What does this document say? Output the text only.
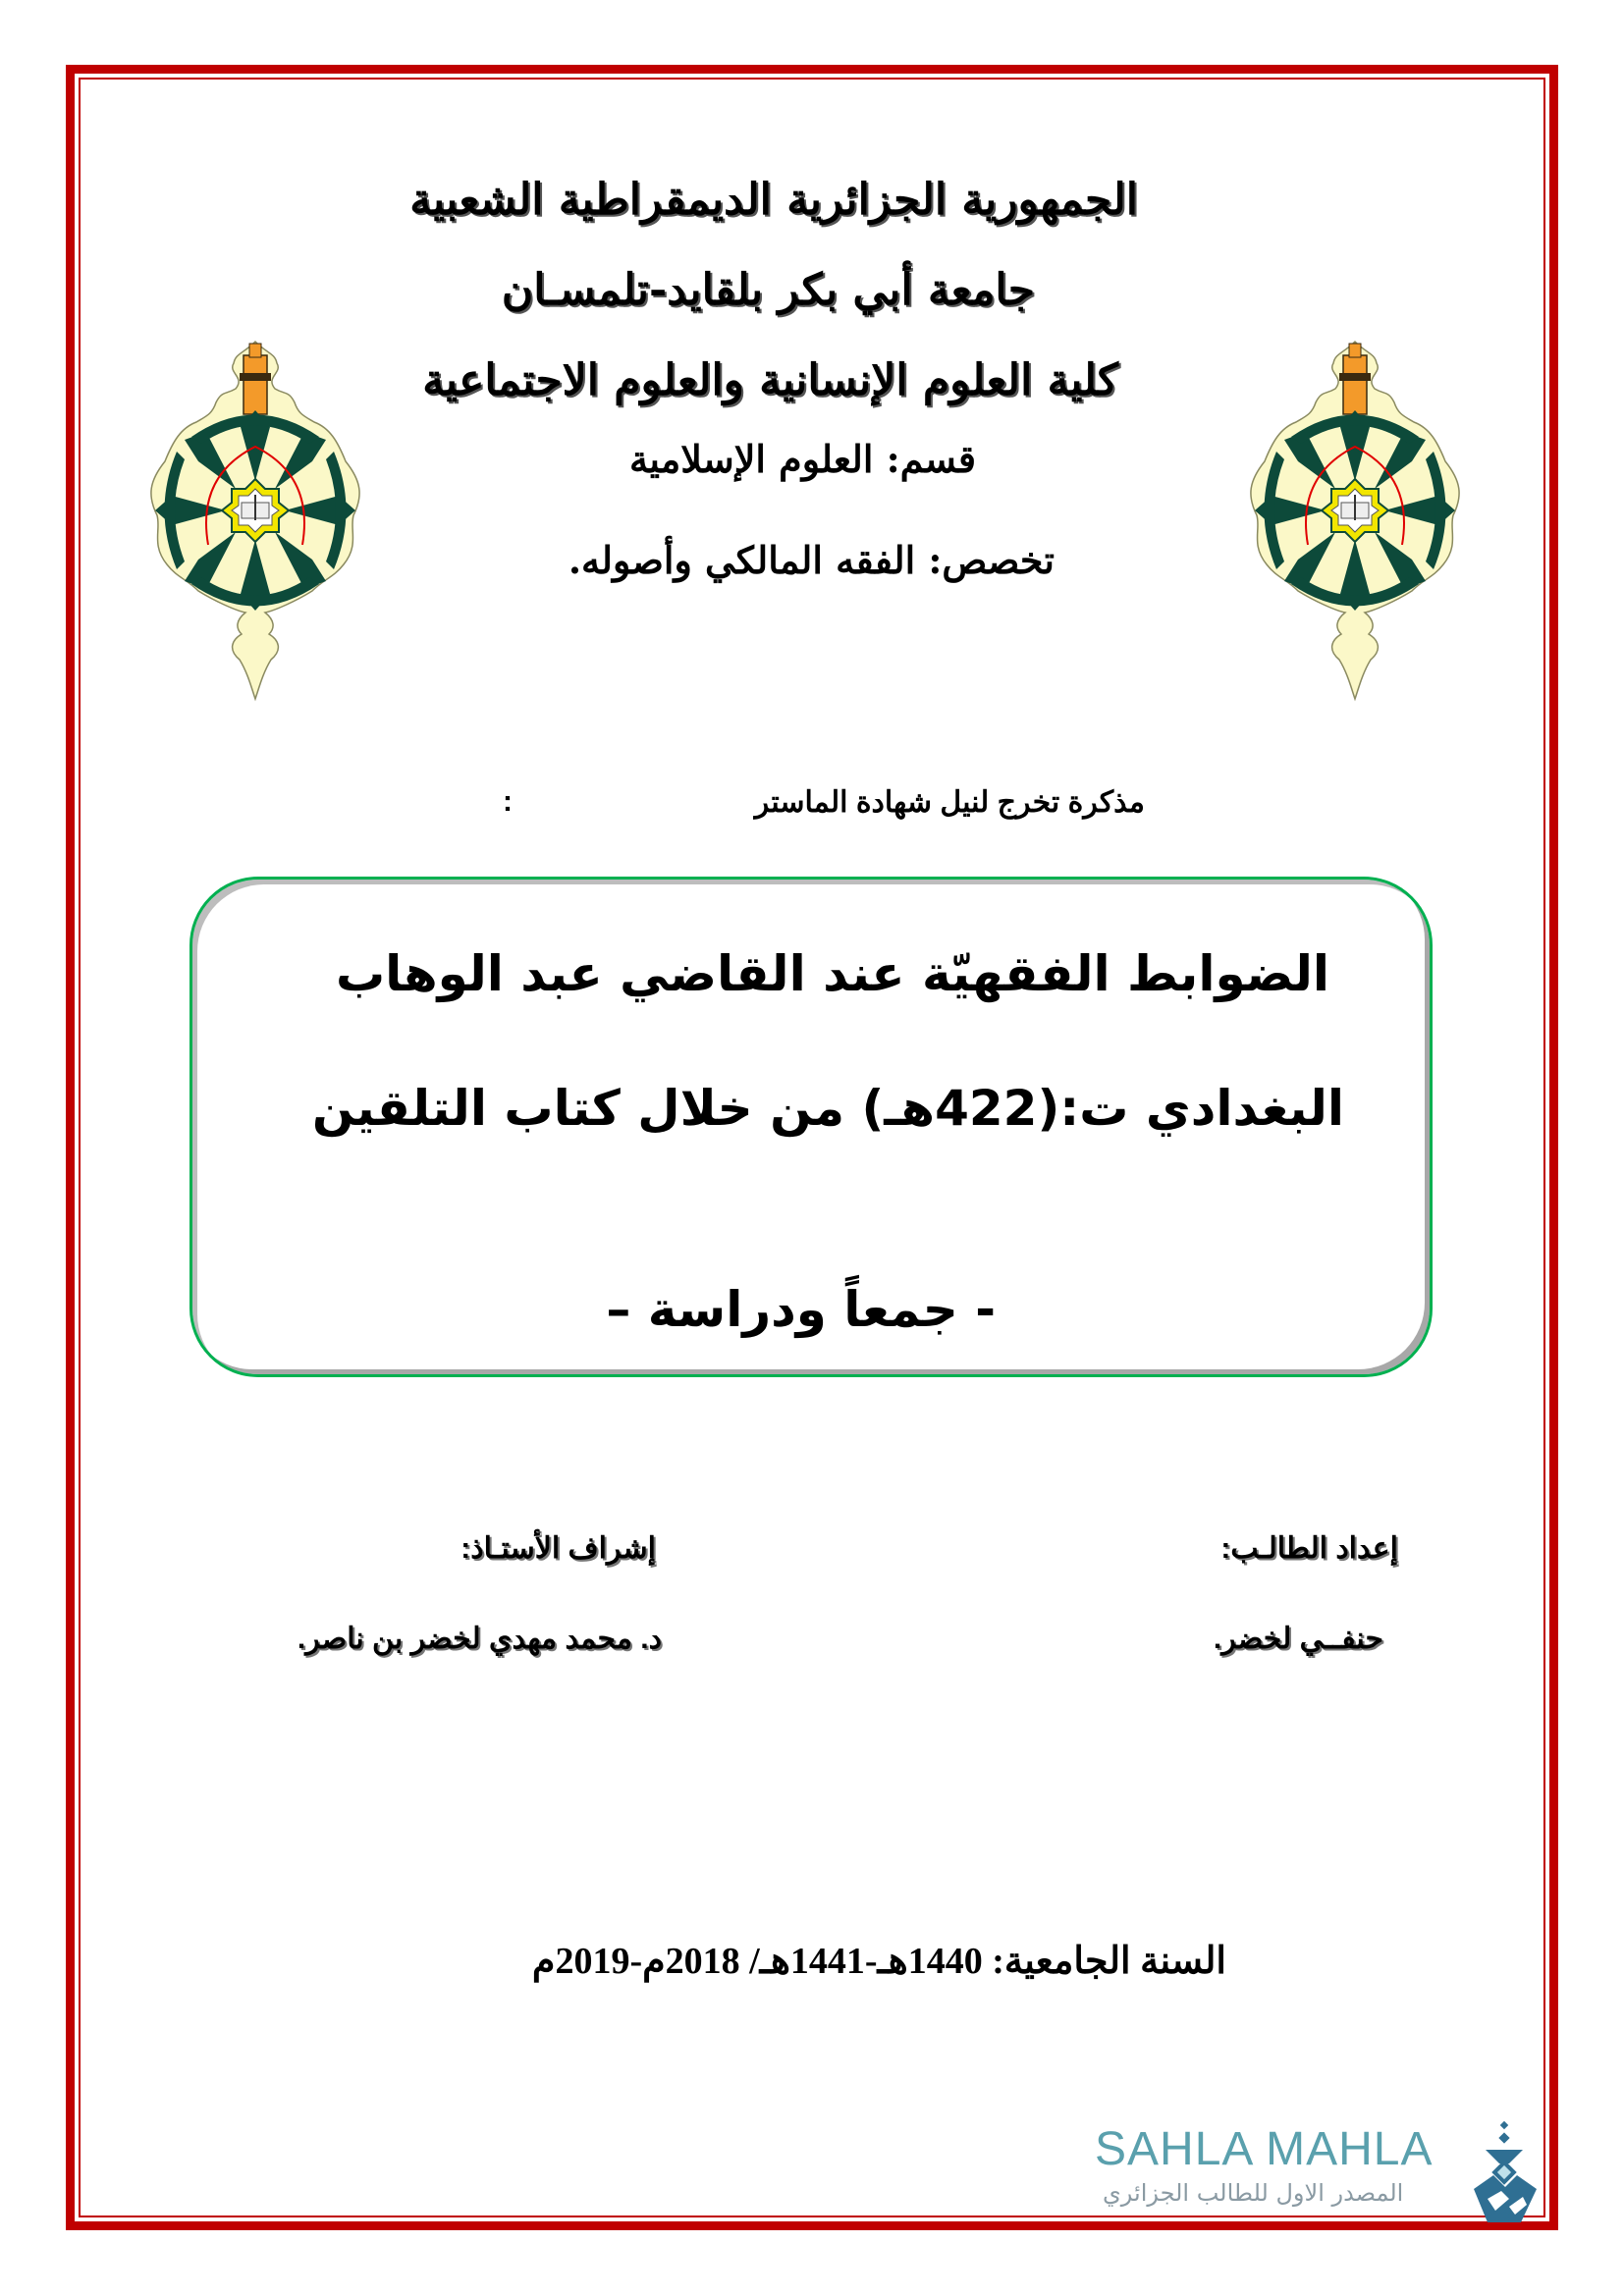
الجمهورية الجزائرية الديمقراطية الشعبية
جامعة أبي بكر بلقايد-تلمسـان
كلية العلوم الإنسانية والعلوم الاجتماعية
قسم: العلوم الإسلامية
تخصص: الفقه المالكي وأصوله.
مذكرة تخرج لنيل شهادة الماستر
:
الضوابط الفقهيّة عند القاضي عبد الوهاب
البغدادي ت:(422هـ) من خلال كتاب التلقين
- جمعاً ودراسة –
إعداد الطالـب:
إشراف الأستـاذ:
حنفــي لخضر.
د. محمد مهدي لخضر بن ناصر.
السنة الجامعية: 1440هـ-1441هـ/ 2018م-2019م
SAHLA MAHLA
المصدر الاول للطالب الجزائري
